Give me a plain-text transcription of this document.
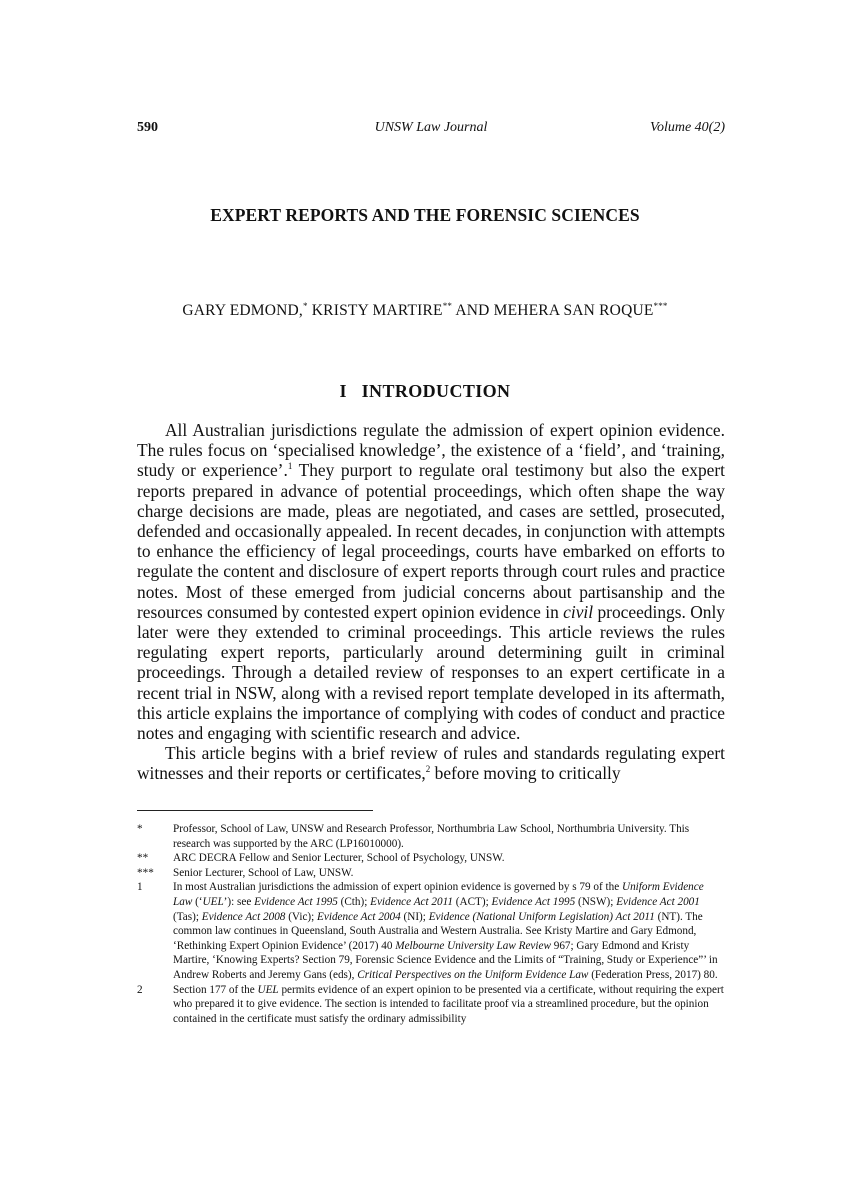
590	UNSW Law Journal	Volume 40(2)
EXPERT REPORTS AND THE FORENSIC SCIENCES
GARY EDMOND,* KRISTY MARTIRE** AND MEHERA SAN ROQUE***
I   INTRODUCTION

All Australian jurisdictions regulate the admission of expert opinion evidence. The rules focus on ‘specialised knowledge’, the existence of a ‘field’, and ‘training, study or experience’.$^1$ They purport to regulate oral testimony but also the expert reports prepared in advance of potential proceedings, which often shape the way charge decisions are made, pleas are negotiated, and cases are settled, prosecuted, defended and occasionally appealed. In recent decades, in conjunction with attempts to enhance the efficiency of legal proceedings, courts have embarked on efforts to regulate the content and disclosure of expert reports through court rules and practice notes. Most of these emerged from judicial concerns about partisanship and the resources consumed by contested expert opinion evidence in civil proceedings. Only later were they extended to criminal proceedings. This article reviews the rules regulating expert reports, particularly around determining guilt in criminal proceedings. Through a detailed review of responses to an expert certificate in a recent trial in NSW, along with a revised report template developed in its aftermath, this article explains the importance of complying with codes of conduct and practice notes and engaging with scientific research and advice.

This article begins with a brief review of rules and standards regulating expert witnesses and their reports or certificates,$^2$ before moving to critically

*	Professor, School of Law, UNSW and Research Professor, Northumbria Law School, Northumbria University. This research was supported by the ARC (LP16010000).
** ARC DECRA Fellow and Senior Lecturer, School of Psychology, UNSW.
*** Senior Lecturer, School of Law, UNSW.
1	In most Australian jurisdictions the admission of expert opinion evidence is governed by s 79 of the Uniform Evidence Law (‘UEL’): see Evidence Act 1995 (Cth); Evidence Act 2011 (ACT); Evidence Act 1995 (NSW); Evidence Act 2001 (Tas); Evidence Act 2008 (Vic); Evidence Act 2004 (NI); Evidence (National Uniform Legislation) Act 2011 (NT). The common law continues in Queensland, South Australia and Western Australia. See Kristy Martire and Gary Edmond, ‘Rethinking Expert Opinion Evidence’ (2017) 40 Melbourne University Law Review 967; Gary Edmond and Kristy Martire, ‘Knowing Experts? Section 79, Forensic Science Evidence and the Limits of “Training, Study or Experience”’ in Andrew Roberts and Jeremy Gans (eds), Critical Perspectives on the Uniform Evidence Law (Federation Press, 2017) 80.
2	Section 177 of the UEL permits evidence of an expert opinion to be presented via a certificate, without requiring the expert who prepared it to give evidence. The section is intended to facilitate proof via a streamlined procedure, but the opinion contained in the certificate must satisfy the ordinary admissibility
